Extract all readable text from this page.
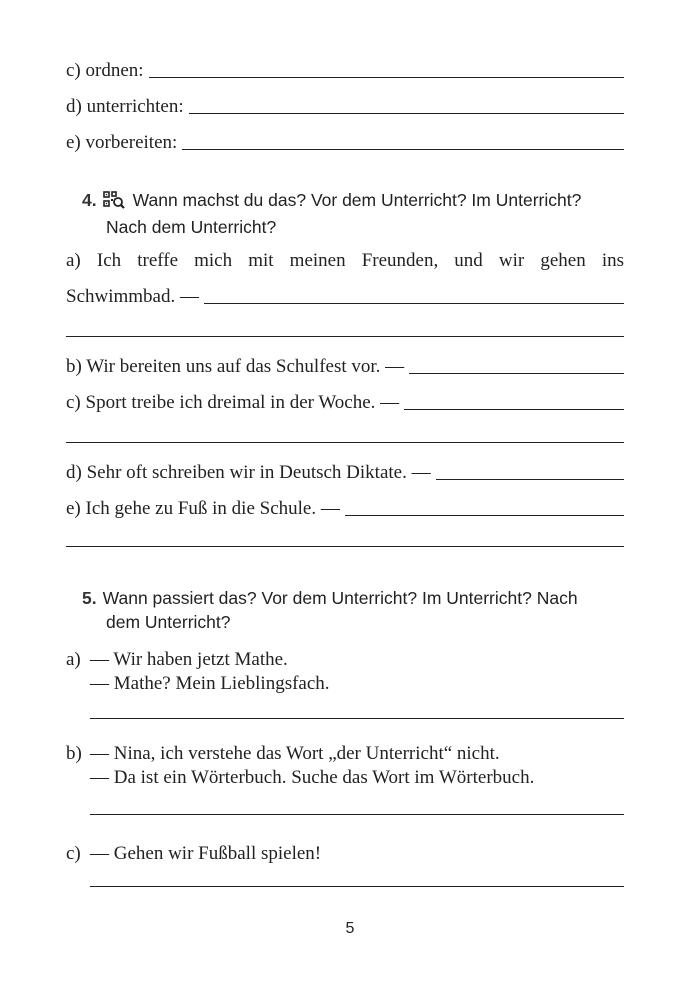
c) ordnen:
d) unterrichten:
e) vorbereiten:
4. Wann machst du das? Vor dem Unterricht? Im Unterricht?
Nach dem Unterricht?
a) Ich treffe mich mit meinen Freunden, und wir gehen ins
Schwimmbad. —
b) Wir bereiten uns auf das Schulfest vor. —
c) Sport treibe ich dreimal in der Woche. —
d) Sehr oft schreiben wir in Deutsch Diktate. —
e) Ich gehe zu Fuß in die Schule. —
5. Wann passiert das? Vor dem Unterricht? Im Unterricht? Nach
dem Unterricht?
a) — Wir haben jetzt Mathe.
— Mathe? Mein Lieblingsfach.
b) — Nina, ich verstehe das Wort „der Unterricht“ nicht.
— Da ist ein Wörterbuch. Suche das Wort im Wörterbuch.
c) — Gehen wir Fußball spielen!
5
